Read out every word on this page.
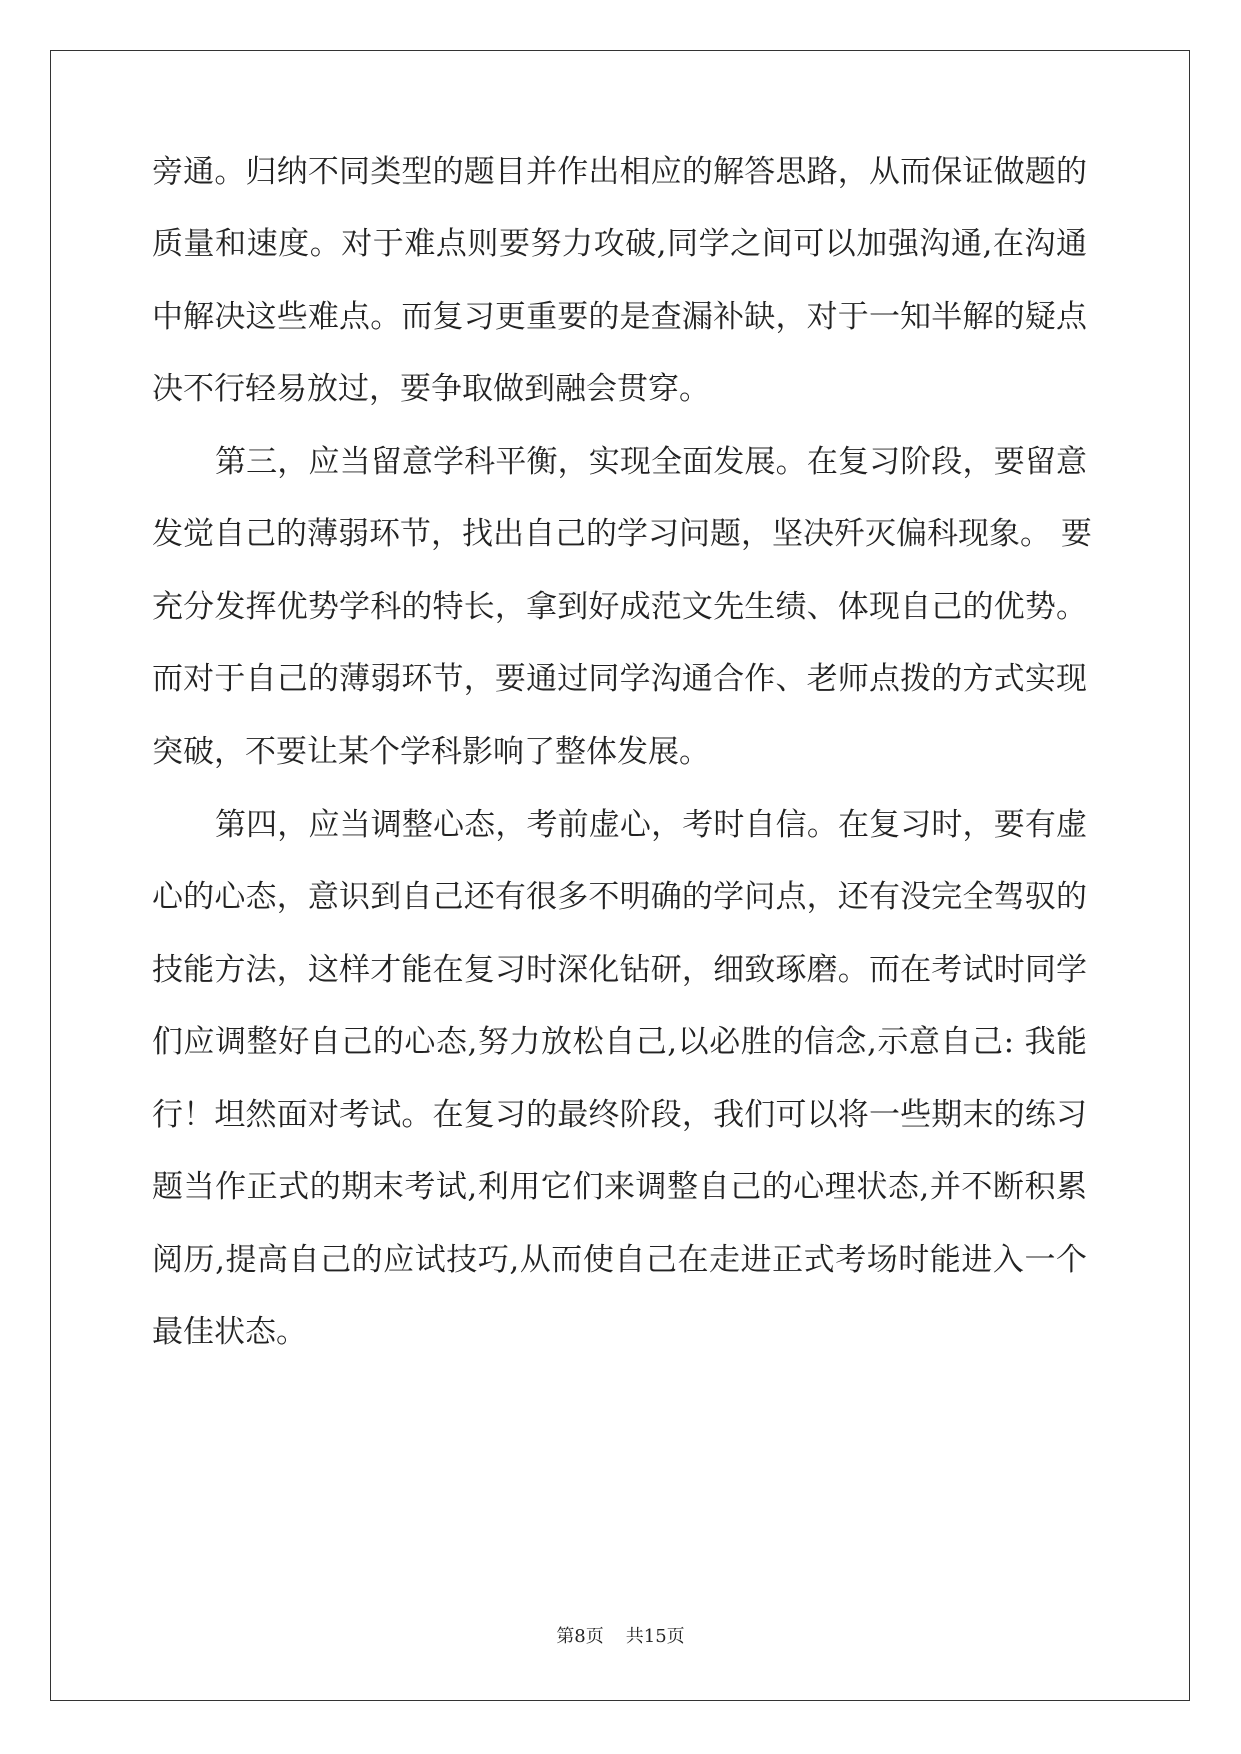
旁通。归纳不同类型的题目并作出相应的解答思路，从而保证做题的
质量和速度。对于难点则要努力攻破,同学之间可以加强沟通,在沟通
中解决这些难点。而复习更重要的是查漏补缺，对于一知半解的疑点
决不行轻易放过，要争取做到融会贯穿。
第三，应当留意学科平衡，实现全面发展。在复习阶段，要留意
发觉自己的薄弱环节，找出自己的学习问题，坚决歼灭偏科现象。 要
充分发挥优势学科的特长，拿到好成范文先生绩、体现自己的优势。
而对于自己的薄弱环节，要通过同学沟通合作、老师点拨的方式实现
突破，不要让某个学科影响了整体发展。
第四，应当调整心态，考前虚心，考时自信。在复习时，要有虚
心的心态，意识到自己还有很多不明确的学问点，还有没完全驾驭的
技能方法，这样才能在复习时深化钻研，细致琢磨。而在考试时同学
们应调整好自己的心态,努力放松自己,以必胜的信念,示意自己: 我能
行！坦然面对考试。在复习的最终阶段，我们可以将一些期末的练习
题当作正式的期末考试,利用它们来调整自己的心理状态,并不断积累
阅历,提高自己的应试技巧,从而使自己在走进正式考场时能进入一个
最佳状态。
第8页 共15页
